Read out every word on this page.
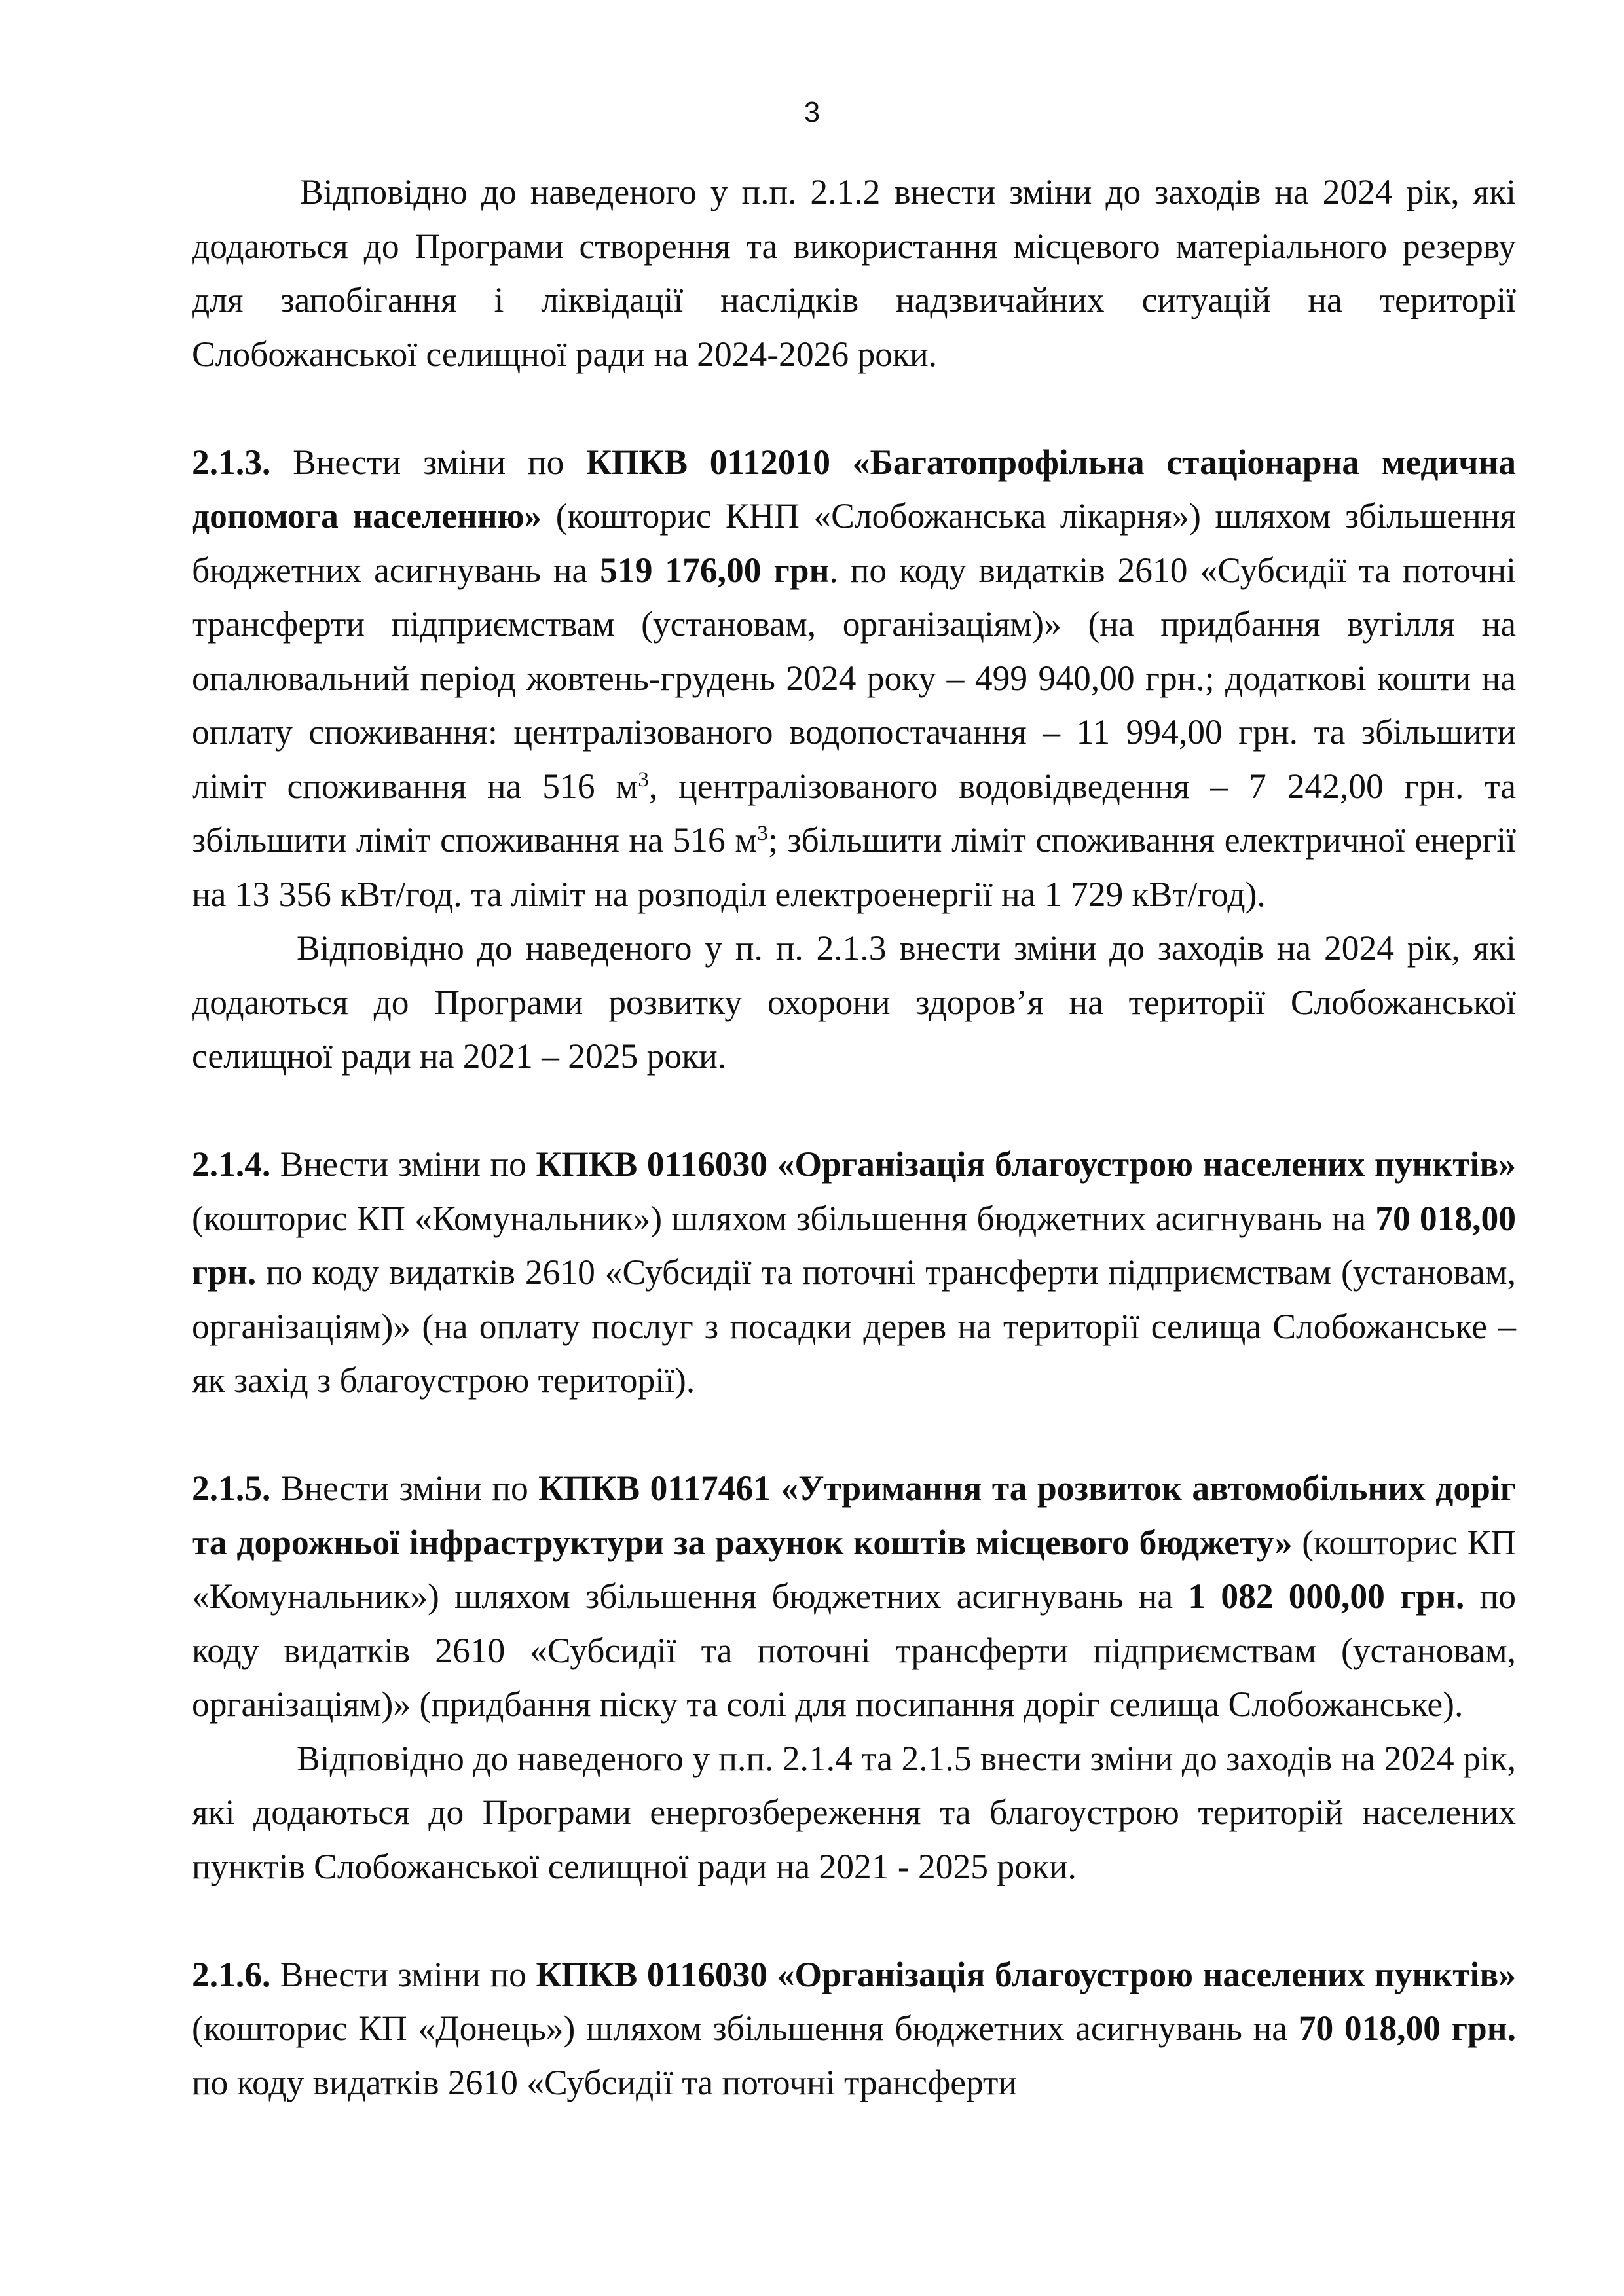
3

Відповідно до наведеного у п.п. 2.1.2 внести зміни до заходів на 2024 рік, які додаються до Програми створення та використання місцевого матеріального резерву для запобігання і ліквідації наслідків надзвичайних ситуацій на території Слобожанської селищної ради на 2024-2026 роки.

2.1.3. Внести зміни по КПКВ 0112010 «Багатопрофільна стаціонарна медична допомога населенню» (кошторис КНП «Слобожанська лікарня») шляхом збільшення бюджетних асигнувань на 519 176,00 грн. по коду видатків 2610 «Субсидії та поточні трансферти підприємствам (установам, організаціям)» (на придбання вугілля на опалювальний період жовтень-грудень 2024 року – 499 940,00 грн.; додаткові кошти на оплату споживання: централізованого водопостачання – 11 994,00 грн. та збільшити ліміт споживання на 516 $м^3$, централізованого водовідведення – 7 242,00 грн. та збільшити ліміт споживання на 516 $м^3$; збільшити ліміт споживання електричної енергії на 13 356 кВт/год. та ліміт на розподіл електроенергії на 1 729 кВт/год).

Відповідно до наведеного у п. п. 2.1.3 внести зміни до заходів на 2024 рік, які додаються до Програми розвитку охорони здоров’я на території Слобожанської селищної ради на 2021 – 2025 роки.

2.1.4. Внести зміни по КПКВ 0116030 «Організація благоустрою населених пунктів» (кошторис КП «Комунальник») шляхом збільшення бюджетних асигнувань на 70 018,00 грн. по коду видатків 2610 «Субсидії та поточні трансферти підприємствам (установам, організаціям)» (на оплату послуг з посадки дерев на території селища Слобожанське – як захід з благоустрою території).

2.1.5. Внести зміни по КПКВ 0117461 «Утримання та розвиток автомобільних доріг та дорожньої інфраструктури за рахунок коштів місцевого бюджету» (кошторис КП «Комунальник») шляхом збільшення бюджетних асигнувань на 1 082 000,00 грн. по коду видатків 2610 «Субсидії та поточні трансферти підприємствам (установам, організаціям)» (придбання піску та солі для посипання доріг селища Слобожанське).

Відповідно до наведеного у п.п. 2.1.4 та 2.1.5 внести зміни до заходів на 2024 рік, які додаються до Програми енергозбереження та благоустрою територій населених пунктів Слобожанської селищної ради на 2021 - 2025 роки.

2.1.6. Внести зміни по КПКВ 0116030 «Організація благоустрою населених пунктів» (кошторис КП «Донець») шляхом збільшення бюджетних асигнувань на 70 018,00 грн. по коду видатків 2610 «Субсидії та поточні трансферти
